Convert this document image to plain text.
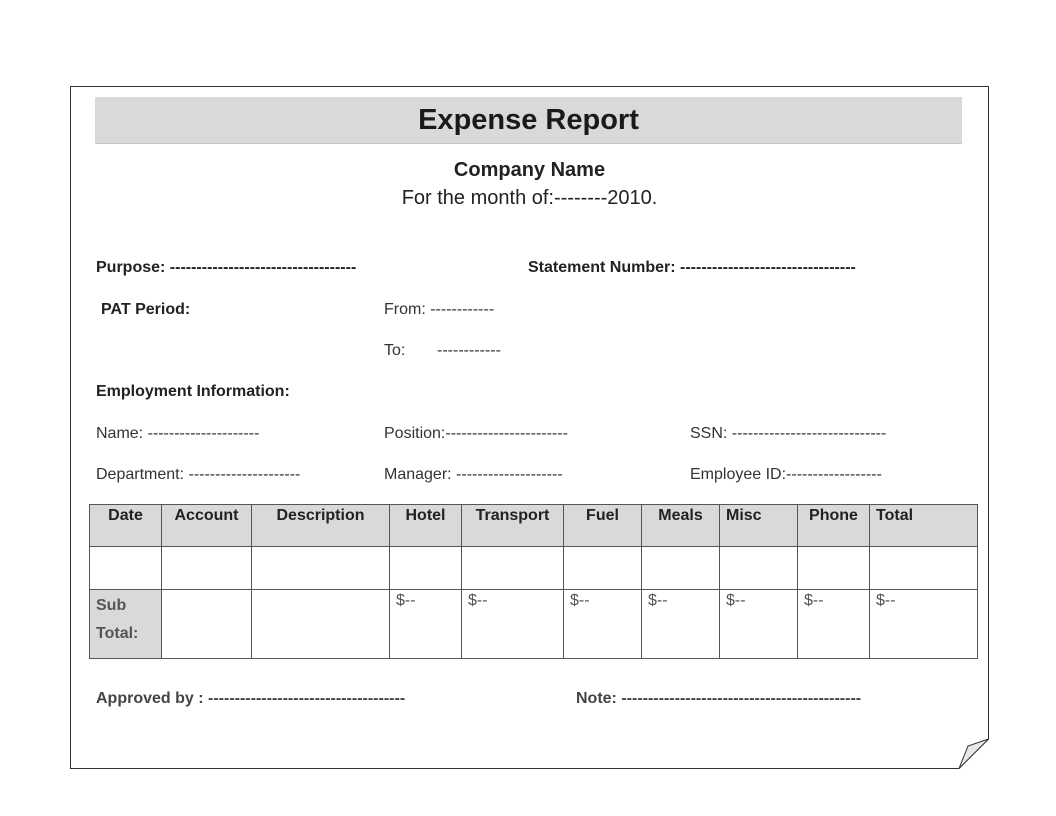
Expense Report
Company Name
For the month of:--------2010.
Purpose: -----------------------------------	Statement Number: ---------------------------------
PAT Period:	From: ------------
To: ------------
Employment Information:
Name: ---------------------	Position:-----------------------	SSN: -----------------------------
Department: ---------------------	Manager: --------------------	Employee ID:------------------
Date	Account	Description	Hotel	Transport	Fuel	Meals	Misc	Phone	Total

Sub
Total:			$--	$--	$--	$--	$--	$--	$--
Approved by : -------------------------------------	Note: ---------------------------------------------
